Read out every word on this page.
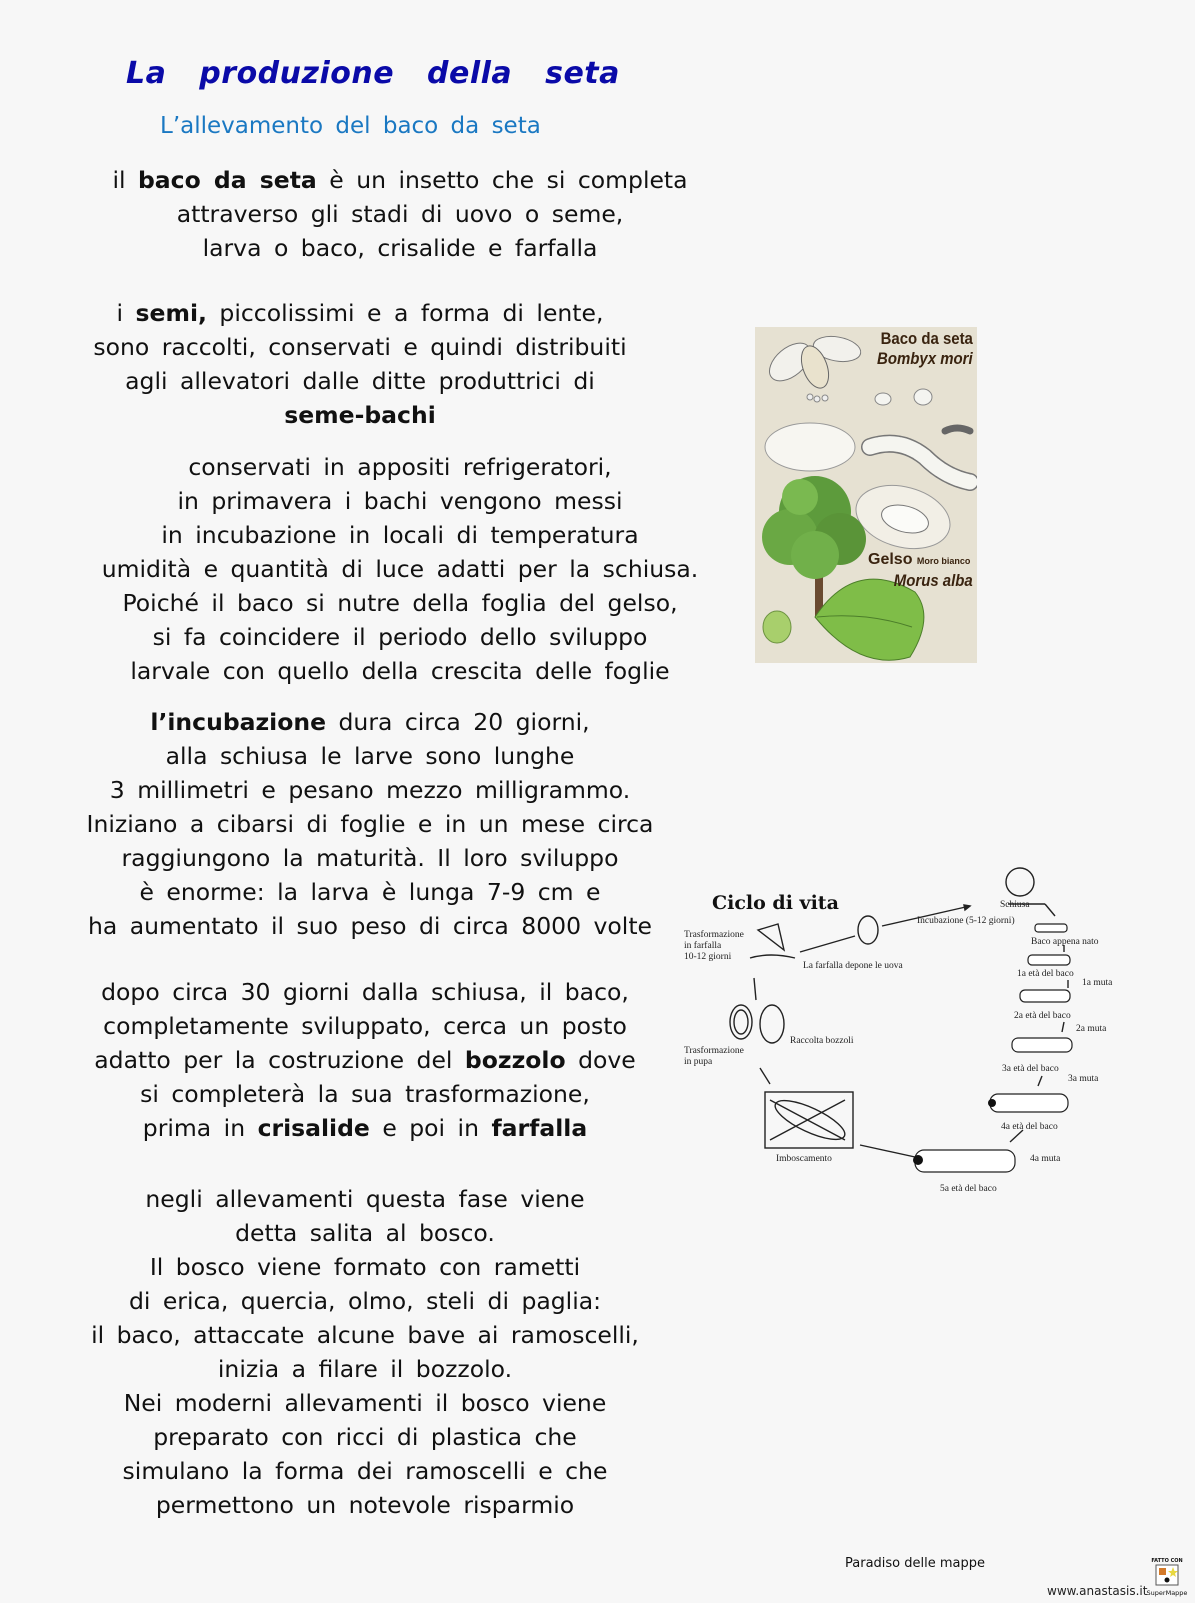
La produzione della seta
L’allevamento del baco da seta
il baco da seta è un insetto che si completa
attraverso gli stadi di uovo o seme,
larva o baco, crisalide e farfalla
i semi, piccolissimi e a forma di lente,
sono raccolti, conservati e quindi distribuiti
agli allevatori dalle ditte produttrici di
seme-bachi
conservati in appositi refrigeratori,
in primavera i bachi vengono messi
in incubazione in locali di temperatura
umidità e quantità di luce adatti per la schiusa.
Poiché il baco si nutre della foglia del gelso,
si fa coincidere il periodo dello sviluppo
larvale con quello della crescita delle foglie
l’incubazione dura circa 20 giorni,
alla schiusa le larve sono lunghe
3 millimetri e pesano mezzo milligrammo.
Iniziano a cibarsi di foglie e in un mese circa
raggiungono la maturità. Il loro sviluppo
è enorme: la larva è lunga 7-9 cm e
ha aumentato il suo peso di circa 8000 volte
dopo circa 30 giorni dalla schiusa, il baco,
completamente sviluppato, cerca un posto
adatto per la costruzione del bozzolo dove
si completerà la sua trasformazione,
prima in crisalide e poi in farfalla
negli allevamenti questa fase viene
detta salita al bosco.
Il bosco viene formato con rametti
di erica, quercia, olmo, steli di paglia:
il baco, attaccate alcune bave ai ramoscelli,
inizia a filare il bozzolo.
Nei moderni allevamenti il bosco viene
preparato con ricci di plastica che
simulano la forma dei ramoscelli e che
permettono un notevole risparmio
Baco da seta
Bombyx mori
Gelso Moro bianco
Morus alba
Ciclo di vita	Schiusa
Incubazione (5-12 giorni)
Baco appena nato
1a età del baco
1a muta
2a età del baco
2a muta
3a età del baco
3a muta
4a età del baco
4a muta
5a età del baco
Imboscamento
Raccolta bozzoli
Trasformazione
in pupa
Trasformazione
in farfalla
10-12 giorni
La farfalla depone le uova
Paradiso delle mappe
www.anastasis.it
FATTO CON
SuperMappe
